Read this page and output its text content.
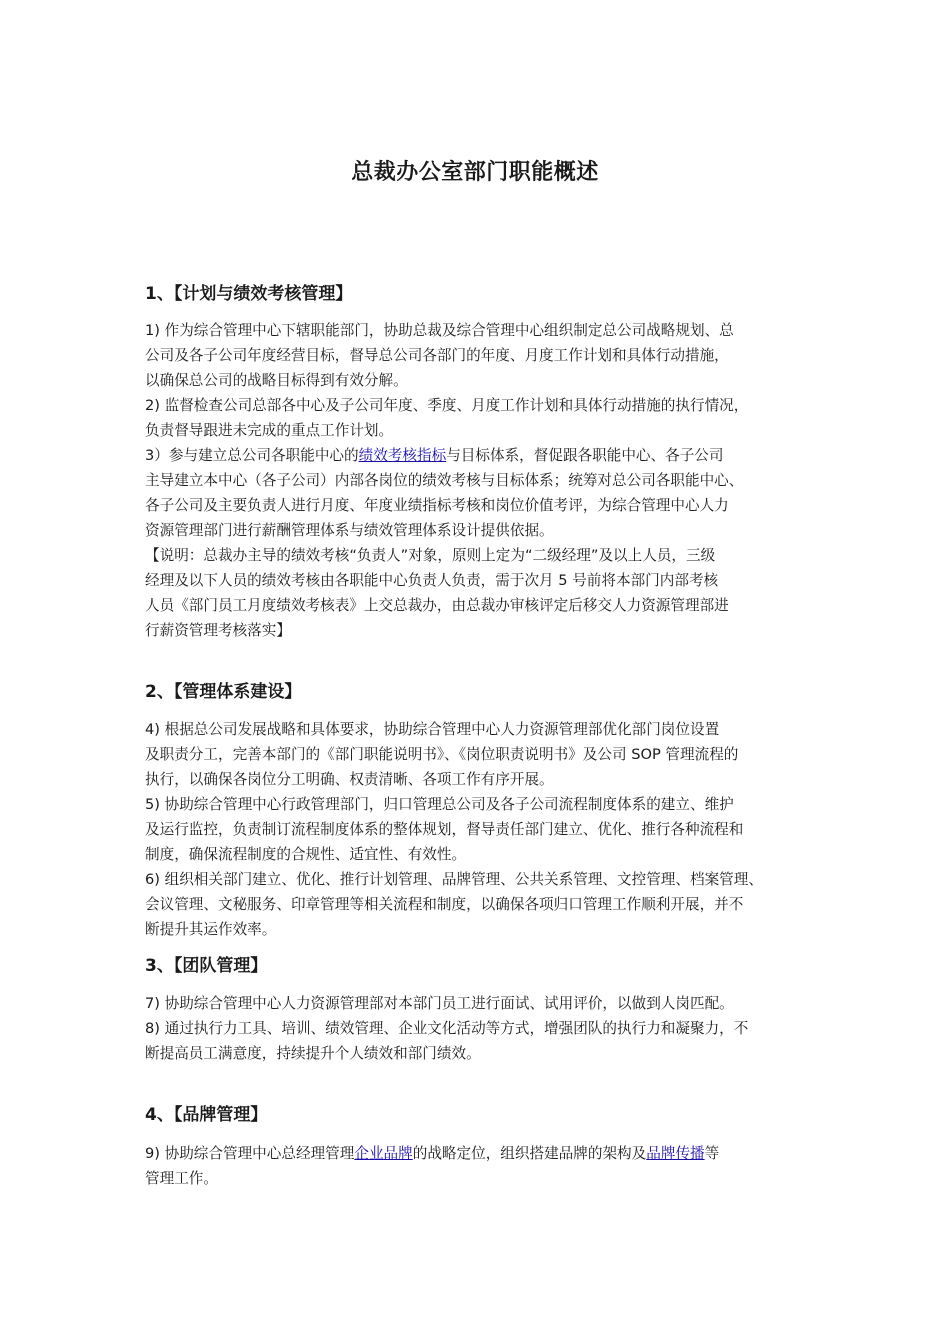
总裁办公室部门职能概述
1、【计划与绩效考核管理】
1) 作为综合管理中心下辖职能部门，协助总裁及综合管理中心组织制定总公司战略规划、总
公司及各子公司年度经营目标，督导总公司各部门的年度、月度工作计划和具体行动措施，
以确保总公司的战略目标得到有效分解。
2) 监督检查公司总部各中心及子公司年度、季度、月度工作计划和具体行动措施的执行情况，
负责督导跟进未完成的重点工作计划。
3）参与建立总公司各职能中心的绩效考核指标与目标体系，督促跟各职能中心、各子公司
主导建立本中心（各子公司）内部各岗位的绩效考核与目标体系；统筹对总公司各职能中心、
各子公司及主要负责人进行月度、年度业绩指标考核和岗位价值考评，为综合管理中心人力
资源管理部门进行薪酬管理体系与绩效管理体系设计提供依据。
【说明：总裁办主导的绩效考核“负责人”对象，原则上定为“二级经理”及以上人员，三级
经理及以下人员的绩效考核由各职能中心负责人负责，需于次月 5 号前将本部门内部考核
人员《部门员工月度绩效考核表》上交总裁办，由总裁办审核评定后移交人力资源管理部进
行薪资管理考核落实】
2、【管理体系建设】
4) 根据总公司发展战略和具体要求，协助综合管理中心人力资源管理部优化部门岗位设置
及职责分工，完善本部门的《部门职能说明书》、《岗位职责说明书》及公司 SOP 管理流程的
执行，以确保各岗位分工明确、权责清晰、各项工作有序开展。
5) 协助综合管理中心行政管理部门，归口管理总公司及各子公司流程制度体系的建立、维护
及运行监控，负责制订流程制度体系的整体规划，督导责任部门建立、优化、推行各种流程和
制度，确保流程制度的合规性、适宜性、有效性。
6) 组织相关部门建立、优化、推行计划管理、品牌管理、公共关系管理、文控管理、档案管理、
会议管理、文秘服务、印章管理等相关流程和制度，以确保各项归口管理工作顺利开展，并不
断提升其运作效率。
3、【团队管理】
7) 协助综合管理中心人力资源管理部对本部门员工进行面试、试用评价，以做到人岗匹配。
8) 通过执行力工具、培训、绩效管理、企业文化活动等方式，增强团队的执行力和凝聚力，不
断提高员工满意度，持续提升个人绩效和部门绩效。
4、【品牌管理】
9) 协助综合管理中心总经理管理企业品牌的战略定位，组织搭建品牌的架构及品牌传播等
管理工作。
